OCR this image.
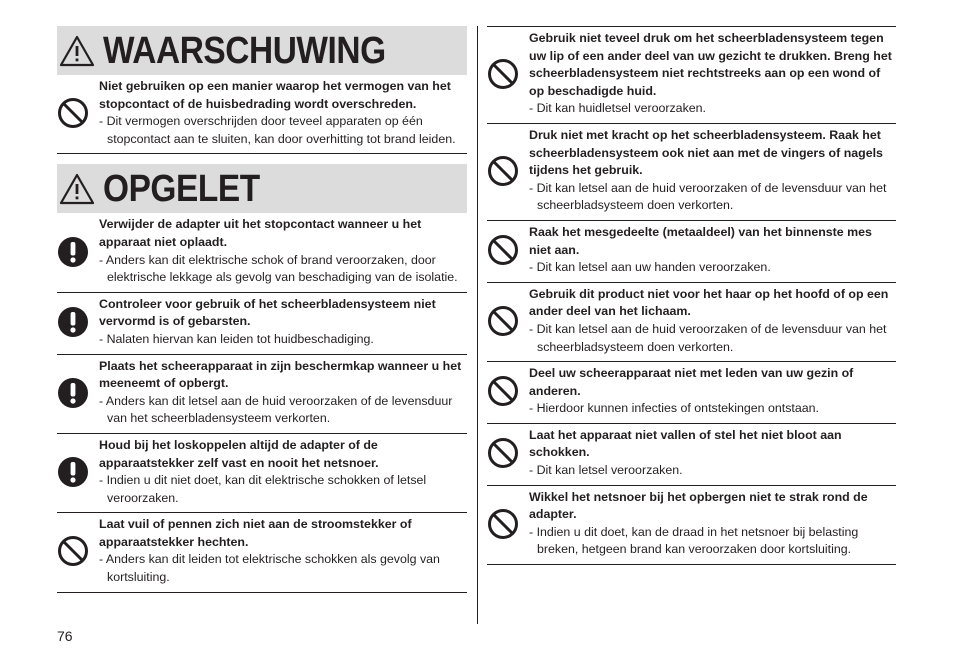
WAARSCHUWING
Niet gebruiken op een manier waarop het vermogen van het stopcontact of de huisbedrading wordt overschreden.
- Dit vermogen overschrijden door teveel apparaten op één stopcontact aan te sluiten, kan door overhitting tot brand leiden.
OPGELET
Verwijder de adapter uit het stopcontact wanneer u het apparaat niet oplaadt.
- Anders kan dit elektrische schok of brand veroorzaken, door elektrische lekkage als gevolg van beschadiging van de isolatie.
Controleer voor gebruik of het scheerbladensysteem niet vervormd is of gebarsten.
- Nalaten hiervan kan leiden tot huidbeschadiging.
Plaats het scheerapparaat in zijn beschermkap wanneer u het meeneemt of opbergt.
- Anders kan dit letsel aan de huid veroorzaken of de levensduur van het scheerbladensysteem verkorten.
Houd bij het loskoppelen altijd de adapter of de apparaatstekker zelf vast en nooit het netsnoer.
- Indien u dit niet doet, kan dit elektrische schokken of letsel veroorzaken.
Laat vuil of pennen zich niet aan de stroomstekker of apparaatstekker hechten.
- Anders kan dit leiden tot elektrische schokken als gevolg van kortsluiting.
Gebruik niet teveel druk om het scheerbladensysteem tegen uw lip of een ander deel van uw gezicht te drukken. Breng het scheerbladensysteem niet rechtstreeks aan op een wond of op beschadigde huid.
- Dit kan huidletsel veroorzaken.
Druk niet met kracht op het scheerbladensysteem. Raak het scheerbladensysteem ook niet aan met de vingers of nagels tijdens het gebruik.
- Dit kan letsel aan de huid veroorzaken of de levensduur van het scheerbladsysteem doen verkorten.
Raak het mesgedeelte (metaaldeel) van het binnenste mes niet aan.
- Dit kan letsel aan uw handen veroorzaken.
Gebruik dit product niet voor het haar op het hoofd of op een ander deel van het lichaam.
- Dit kan letsel aan de huid veroorzaken of de levensduur van het scheerbladsysteem doen verkorten.
Deel uw scheerapparaat niet met leden van uw gezin of anderen.
- Hierdoor kunnen infecties of ontstekingen ontstaan.
Laat het apparaat niet vallen of stel het niet bloot aan schokken.
- Dit kan letsel veroorzaken.
Wikkel het netsnoer bij het opbergen niet te strak rond de adapter.
- Indien u dit doet, kan de draad in het netsnoer bij belasting breken, hetgeen brand kan veroorzaken door kortsluiting.
76
